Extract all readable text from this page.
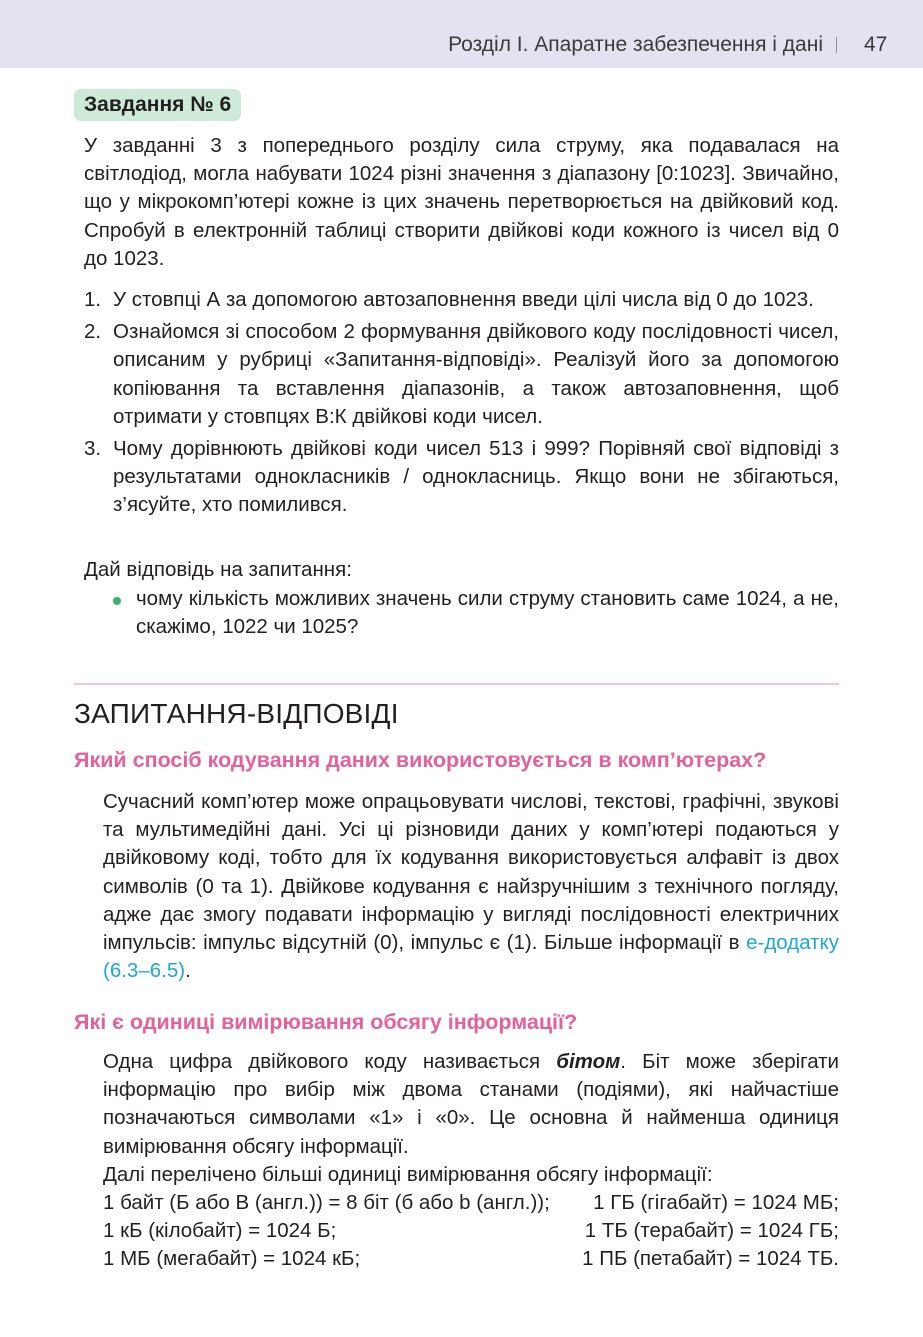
Розділ І. Апаратне забезпечення і дані 47
Завдання № 6
У завданні 3 з попереднього розділу сила струму, яка подавалася на світлодіод, могла набувати 1024 різні значення з діапазону [0:1023]. Звичайно, що у мікрокомп’ютері кожне із цих значень перетворюється на двійковий код. Спробуй в електронній таблиці створити двійкові коди кожного із чисел від 0 до 1023.
1. У стовпці А за допомогою автозаповнення введи цілі числа від 0 до 1023.
2. Ознайомся зі способом 2 формування двійкового коду послідовності чисел, описаним у рубриці «Запитання-відповіді». Реалізуй його за допомогою копіювання та вставлення діапазонів, а також автозаповнення, щоб отримати у стовпцях В:К двійкові коди чисел.
3. Чому дорівнюють двійкові коди чисел 513 і 999? Порівняй свої відповіді з результатами однокласників / однокласниць. Якщо вони не збігаються, з’ясуйте, хто помилився.
Дай відповідь на запитання:
чому кількість можливих значень сили струму становить саме 1024, а не, скажімо, 1022 чи 1025?
ЗАПИТАННЯ-ВІДПОВІДІ
Який спосіб кодування даних використовується в комп’ютерах?
Сучасний комп’ютер може опрацьовувати числові, текстові, графічні, звукові та мультимедійні дані. Усі ці різновиди даних у комп’ютері подаються у двійковому коді, тобто для їх кодування використовується алфавіт із двох символів (0 та 1). Двійкове кодування є найзручнішим з технічного погляду, адже дає змогу подавати інформацію у вигляді послідовності електричних імпульсів: імпульс відсутній (0), імпульс є (1). Більше інформації в е-додатку (6.3–6.5).
Які є одиниці вимірювання обсягу інформації?
Одна цифра двійкового коду називається бітом. Біт може зберігати інформацію про вибір між двома станами (подіями), які найчастіше позначаються символами «1» і «0». Це основна й найменша одиниця вимірювання обсягу інформації.
Далі перелічено більші одиниці вимірювання обсягу інформації:
1 байт (Б або B (англ.)) = 8 біт (б або b (англ.)); 1 ГБ (гігабайт) = 1024 МБ;
1 кБ (кілобайт) = 1024 Б;	1 ТБ (терабайт) = 1024 ГБ;
1 МБ (мегабайт) = 1024 кБ;	1 ПБ (петабайт) = 1024 ТБ.
